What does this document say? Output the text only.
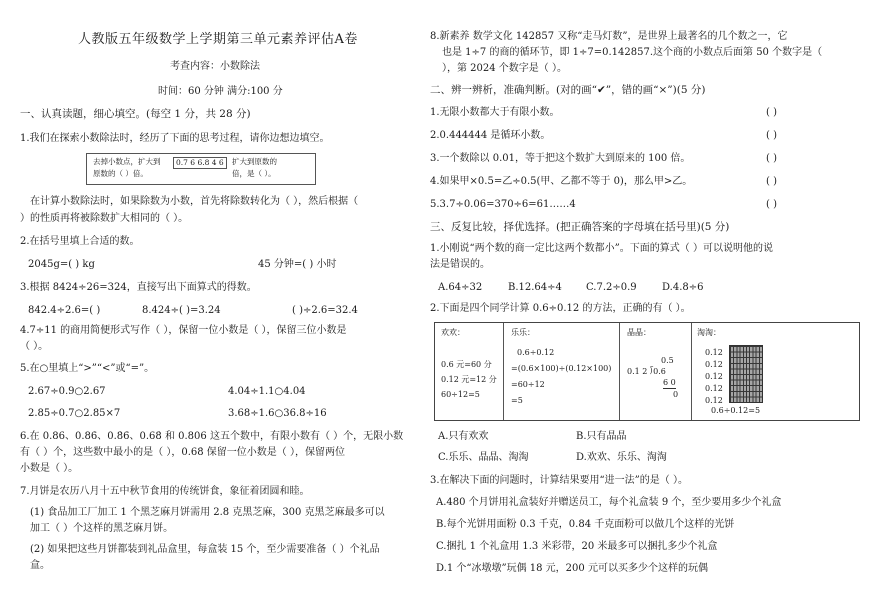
人教版五年级数学上学期第三单元素养评估A卷
考查内容：小数除法
时间：60 分钟 满分:100 分
一、认真读题，细心填空。(每空 1 分，共 28 分)
1.我们在探索小数除法时，经历了下面的思考过程，请你边想边填空。
去掉小数点，扩大到
原数的（ ）倍。
0.7 6 6.8 4 6	扩大到原数的
倍，是（ ）。
在计算小数除法时，如果除数为小数，首先将除数转化为（ ），然后根据（
）的性质再将被除数扩大相同的（ ）。
2.在括号里填上合适的数。
2045g=( ) kg	45 分钟=( ) 小时
3.根据 8424÷26=324，直接写出下面算式的得数。
842.4÷2.6=( )	8.424÷( )=3.24	( )÷2.6=32.4
4.7÷11 的商用简便形式写作（ ），保留一位小数是（ ），保留三位小数是
（ ）。
5.在○里填上“>”“<”或“=”。
2.67÷0.9○2.67	4.04÷1.1○4.04
2.85÷0.7○2.85×7	3.68÷1.6○36.8÷16
6.在 0.86、0.86̇、0.8̇6̇、0.68̇ 和 0.806 这五个数中，有限小数有（ ）个，无限小数
有（ ）个，这些数中最小的是（ ），0.68̇ 保留一位小数是（ ），保留两位
小数是（ ）。
7.月饼是农历八月十五中秋节食用的传统饼食，象征着团圆和睦。
(1) 食品加工厂加工 1 个黑芝麻月饼需用 2.8 克黑芝麻，300 克黑芝麻最多可以
加工（ ）个这样的黑芝麻月饼。
(2) 如果把这些月饼都装到礼品盒里，每盒装 15 个，至少需要准备（ ）个礼品
盒。
8.新素养 数学文化 142857 又称“走马灯数”，是世界上最著名的几个数之一，它
也是 1÷7 的商的循环节，即 1÷7=0.142857̇.这个商的小数点后面第 50 个数字是（
），第 2024 个数字是（ ）。
二、辨一辨析，准确判断。(对的画“✔”，错的画“×”)(5 分)
1.无限小数都大于有限小数。	( )
2.0.444444 是循环小数。	( )
3.一个数除以 0.01，等于把这个数扩大到原来的 100 倍。	( )
4.如果甲×0.5=乙÷0.5(甲、乙都不等于 0)，那么甲>乙。	( )
5.3.7÷0.06=370÷6=61……4	( )
三、反复比较，择优选择。(把正确答案的字母填在括号里)(5 分)
1.小刚说“两个数的商一定比这两个数都小”。下面的算式（ ）可以说明他的说
法是错误的。
A.64÷32	B.12.64÷4 C.7.2÷0.9	D.4.8÷6
2.下面是四个同学计算 0.6÷0.12 的方法，正确的有（ ）。
欢欢：
0.6 元=60 分
0.12 元=12 分
60÷12=5
乐乐：
0.6÷0.12
=(0.6×100)÷(0.12×100)
=60÷12
=5
晶晶：
0.5
0.1 2 ⟌0.6
6 0
0
淘淘：
0.12
0.12
0.12
0.12
0.12
0.6÷0.12=5
A.只有欢欢	B.只有晶晶
C.乐乐、晶晶、淘淘	D.欢欢、乐乐、淘淘
3.在解决下面的问题时，计算结果要用“进一法”的是（ ）。
A.480 个月饼用礼盒装好并赠送员工，每个礼盒装 9 个，至少要用多少个礼盒
B.每个光饼用面粉 0.3 千克，0.84 千克面粉可以做几个这样的光饼
C.捆扎 1 个礼盒用 1.3 米彩带，20 米最多可以捆扎多少个礼盒
D.1 个“冰墩墩”玩偶 18 元，200 元可以买多少个这样的玩偶
